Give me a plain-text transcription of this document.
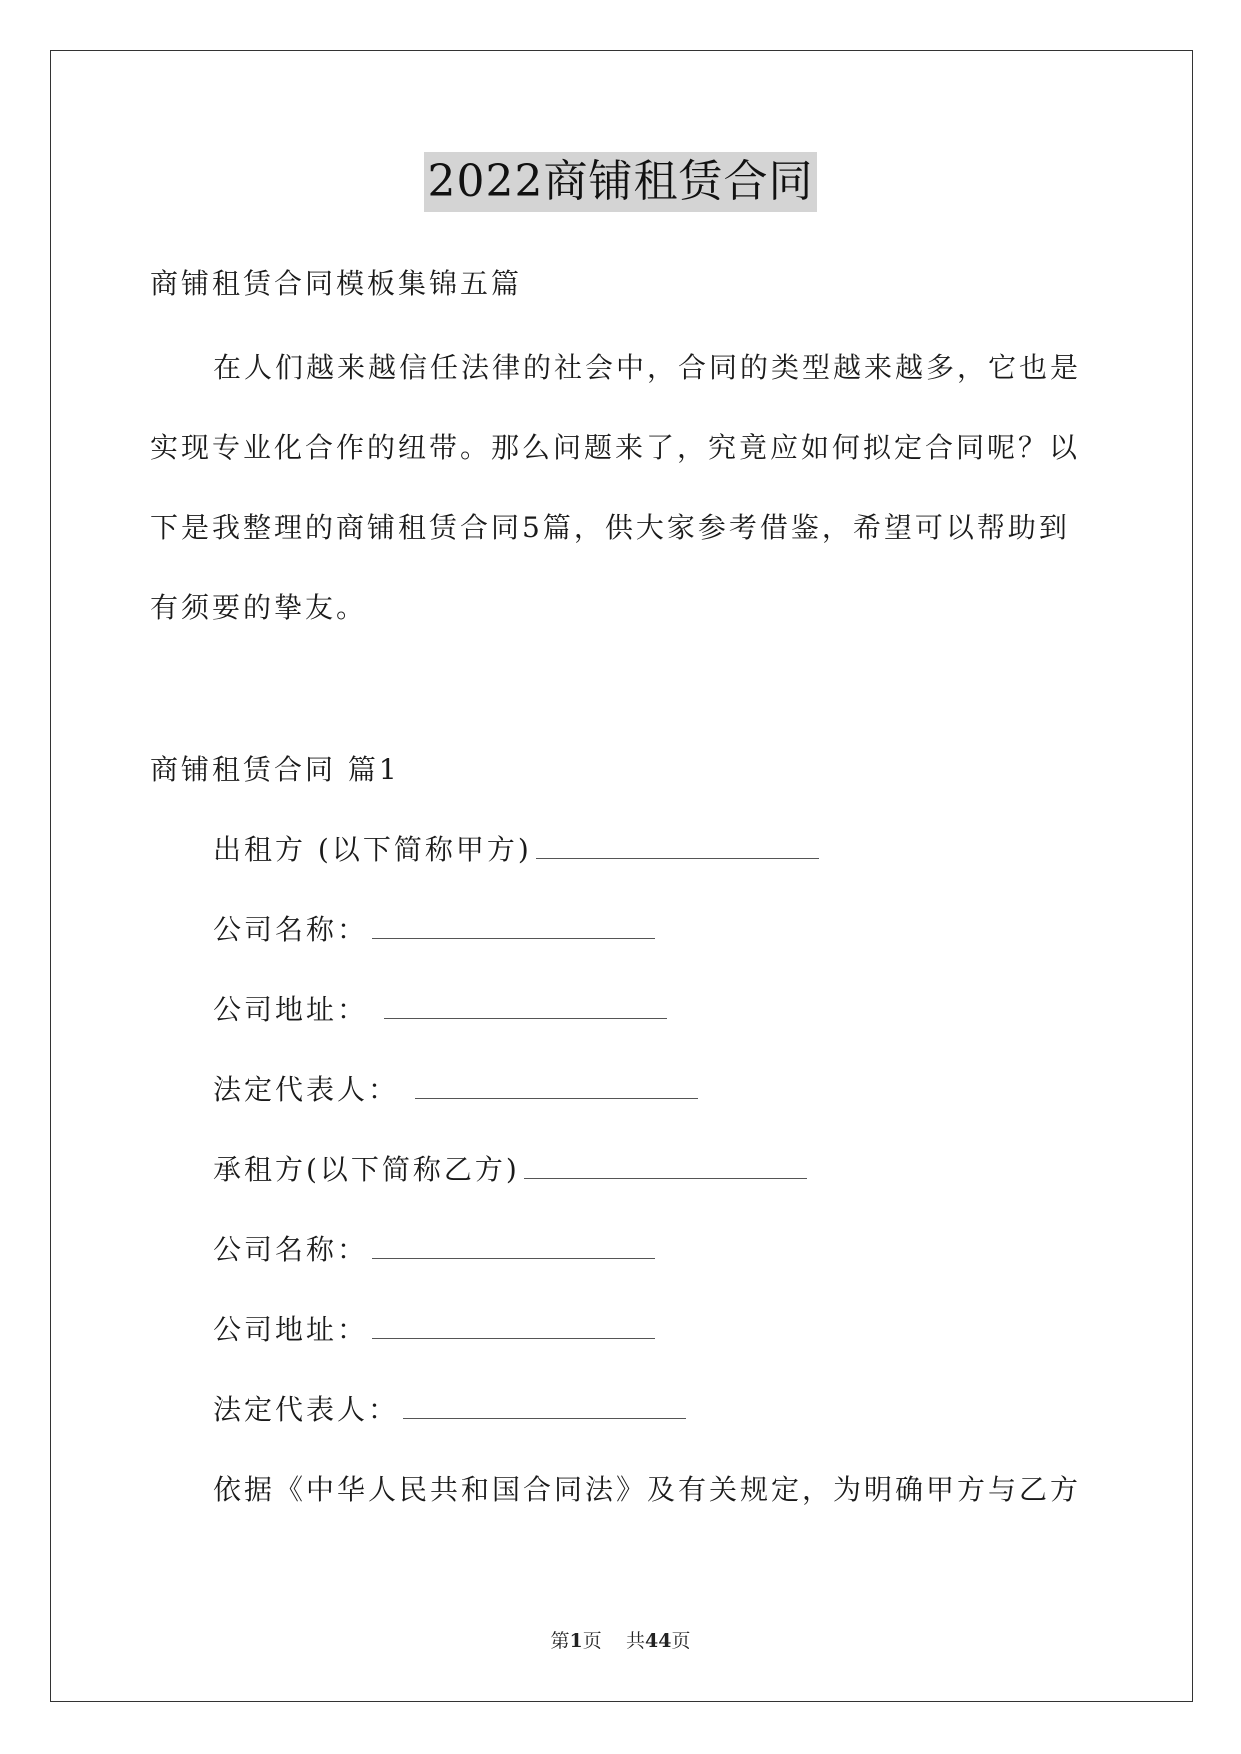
2022商铺租赁合同
商铺租赁合同模板集锦五篇
在人们越来越信任法律的社会中，合同的类型越来越多，它也是
实现专业化合作的纽带。那么问题来了，究竟应如何拟定合同呢？以
下是我整理的商铺租赁合同5篇，供大家参考借鉴，希望可以帮助到
有须要的挚友。
商铺租赁合同 篇1
出租方 (以下简称甲方)
公司名称：
公司地址：
法定代表人：
承租方(以下简称乙方)
公司名称：
公司地址：
法定代表人：
依据《中华人民共和国合同法》及有关规定，为明确甲方与乙方
第1页 共44页
